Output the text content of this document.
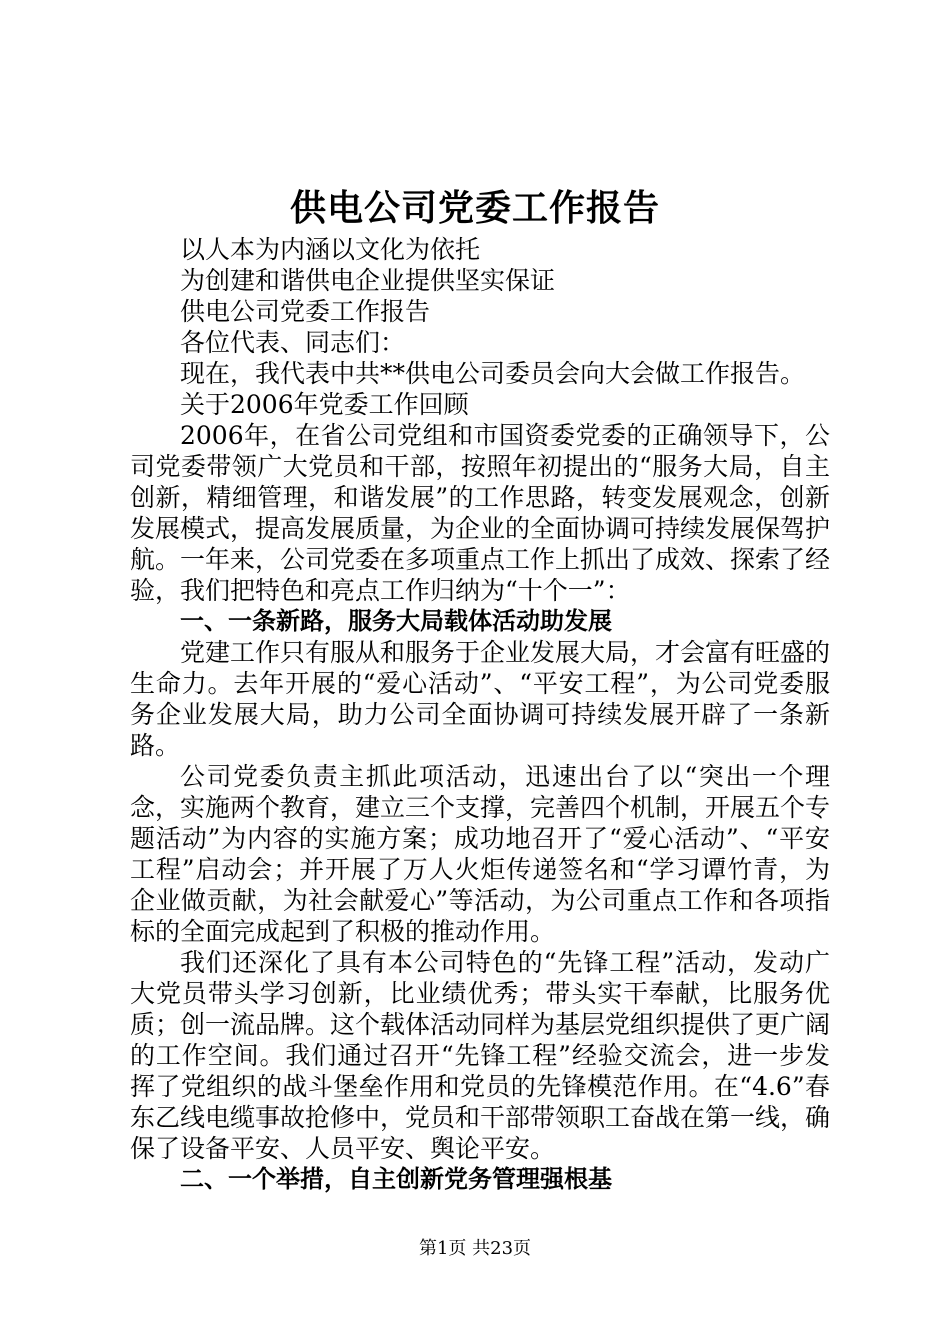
供电公司党委工作报告

以人本为内涵以文化为依托

为创建和谐供电企业提供坚实保证

供电公司党委工作报告

各位代表、同志们：

现在，我代表中共**供电公司委员会向大会做工作报告。

关于2006年党委工作回顾

2006年，在省公司党组和市国资委党委的正确领导下，公司党委带领广大党员和干部，按照年初提出的“服务大局，自主创新，精细管理，和谐发展”的工作思路，转变发展观念，创新发展模式，提高发展质量，为企业的全面协调可持续发展保驾护航。一年来，公司党委在多项重点工作上抓出了成效、探索了经验，我们把特色和亮点工作归纳为“十个一”：

一、一条新路，服务大局载体活动助发展

党建工作只有服从和服务于企业发展大局，才会富有旺盛的生命力。去年开展的“爱心活动”、“平安工程”，为公司党委服务企业发展大局，助力公司全面协调可持续发展开辟了一条新路。

公司党委负责主抓此项活动，迅速出台了以“突出一个理念，实施两个教育，建立三个支撑，完善四个机制，开展五个专题活动”为内容的实施方案；成功地召开了“爱心活动”、“平安工程”启动会；并开展了万人火炬传递签名和“学习谭竹青，为企业做贡献，为社会献爱心”等活动，为公司重点工作和各项指标的全面完成起到了积极的推动作用。

我们还深化了具有本公司特色的“先锋工程”活动，发动广大党员带头学习创新，比业绩优秀；带头实干奉献，比服务优质；创一流品牌。这个载体活动同样为基层党组织提供了更广阔的工作空间。我们通过召开“先锋工程”经验交流会，进一步发挥了党组织的战斗堡垒作用和党员的先锋模范作用。在“4.6”春东乙线电缆事故抢修中，党员和干部带领职工奋战在第一线，确保了设备平安、人员平安、舆论平安。

二、一个举措，自主创新党务管理强根基

第1页 共23页
